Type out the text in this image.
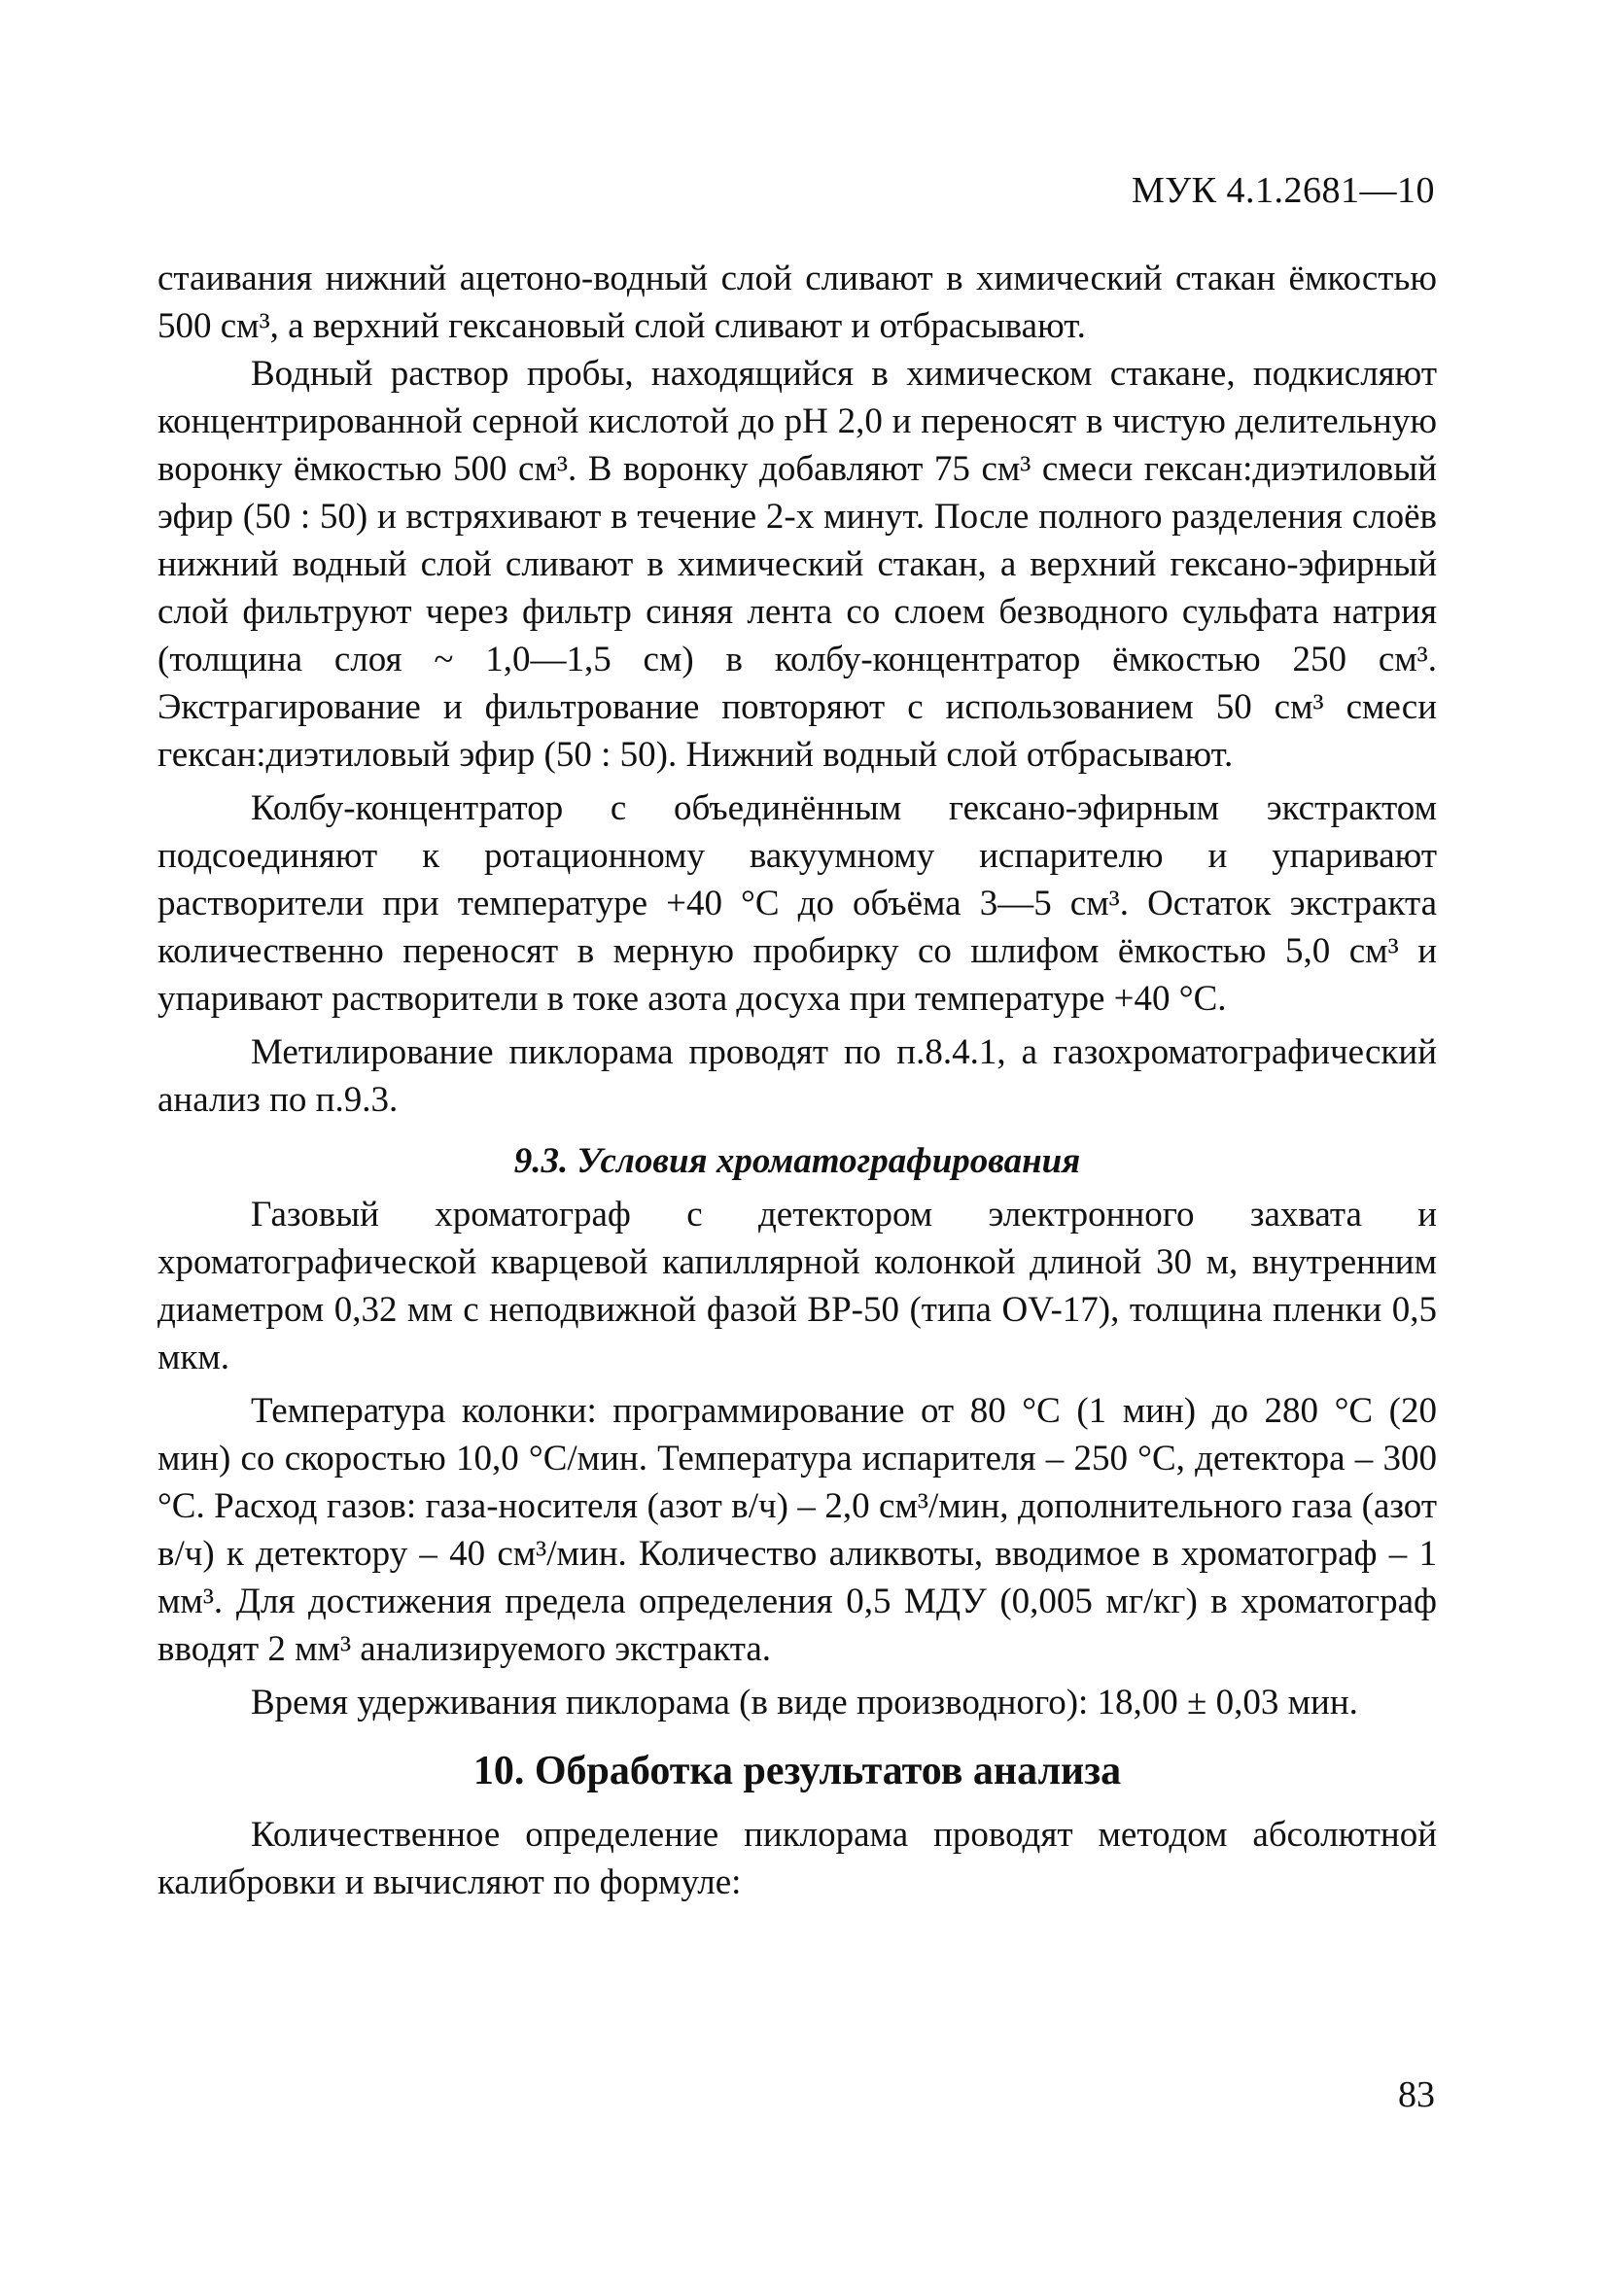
МУК 4.1.2681—10

стаивания нижний ацетоно-водный слой сливают в химический стакан ёмкостью 500 см³, а верхний гексановый слой сливают и отбрасывают.

Водный раствор пробы, находящийся в химическом стакане, подкисляют концентрированной серной кислотой до pH 2,0 и переносят в чистую делительную воронку ёмкостью 500 см³. В воронку добавляют 75 см³ смеси гексан:диэтиловый эфир (50 : 50) и встряхивают в течение 2-х минут. После полного разделения слоёв нижний водный слой сливают в химический стакан, а верхний гексано-эфирный слой фильтруют через фильтр синяя лента со слоем безводного сульфата натрия (толщина слоя ~ 1,0—1,5 см) в колбу-концентратор ёмкостью 250 см³. Экстрагирование и фильтрование повторяют с использованием 50 см³ смеси гексан:диэтиловый эфир (50 : 50). Нижний водный слой отбрасывают.

Колбу-концентратор с объединённым гексано-эфирным экстрактом подсоединяют к ротационному вакуумному испарителю и упаривают растворители при температуре +40 °С до объёма 3—5 см³. Остаток экстракта количественно переносят в мерную пробирку со шлифом ёмкостью 5,0 см³ и упаривают растворители в токе азота досуха при температуре +40 °С.

Метилирование пиклорама проводят по п.8.4.1, а газохроматографический анализ по п.9.3.

9.3. Условия хроматографирования

Газовый хроматограф с детектором электронного захвата и хроматографической кварцевой капиллярной колонкой длиной 30 м, внутренним диаметром 0,32 мм с неподвижной фазой ВР-50 (типа OV-17), толщина пленки 0,5 мкм.

Температура колонки: программирование от 80 °С (1 мин) до 280 °С (20 мин) со скоростью 10,0 °С/мин. Температура испарителя – 250 °С, детектора – 300 °С. Расход газов: газа-носителя (азот в/ч) – 2,0 см³/мин, дополнительного газа (азот в/ч) к детектору – 40 см³/мин. Количество аликвоты, вводимое в хроматограф – 1 мм³. Для достижения предела определения 0,5 МДУ (0,005 мг/кг) в хроматограф вводят 2 мм³ анализируемого экстракта.

Время удерживания пиклорама (в виде производного): 18,00 ± 0,03 мин.

10. Обработка результатов анализа

Количественное определение пиклорама проводят методом абсолютной калибровки и вычисляют по формуле:

83
